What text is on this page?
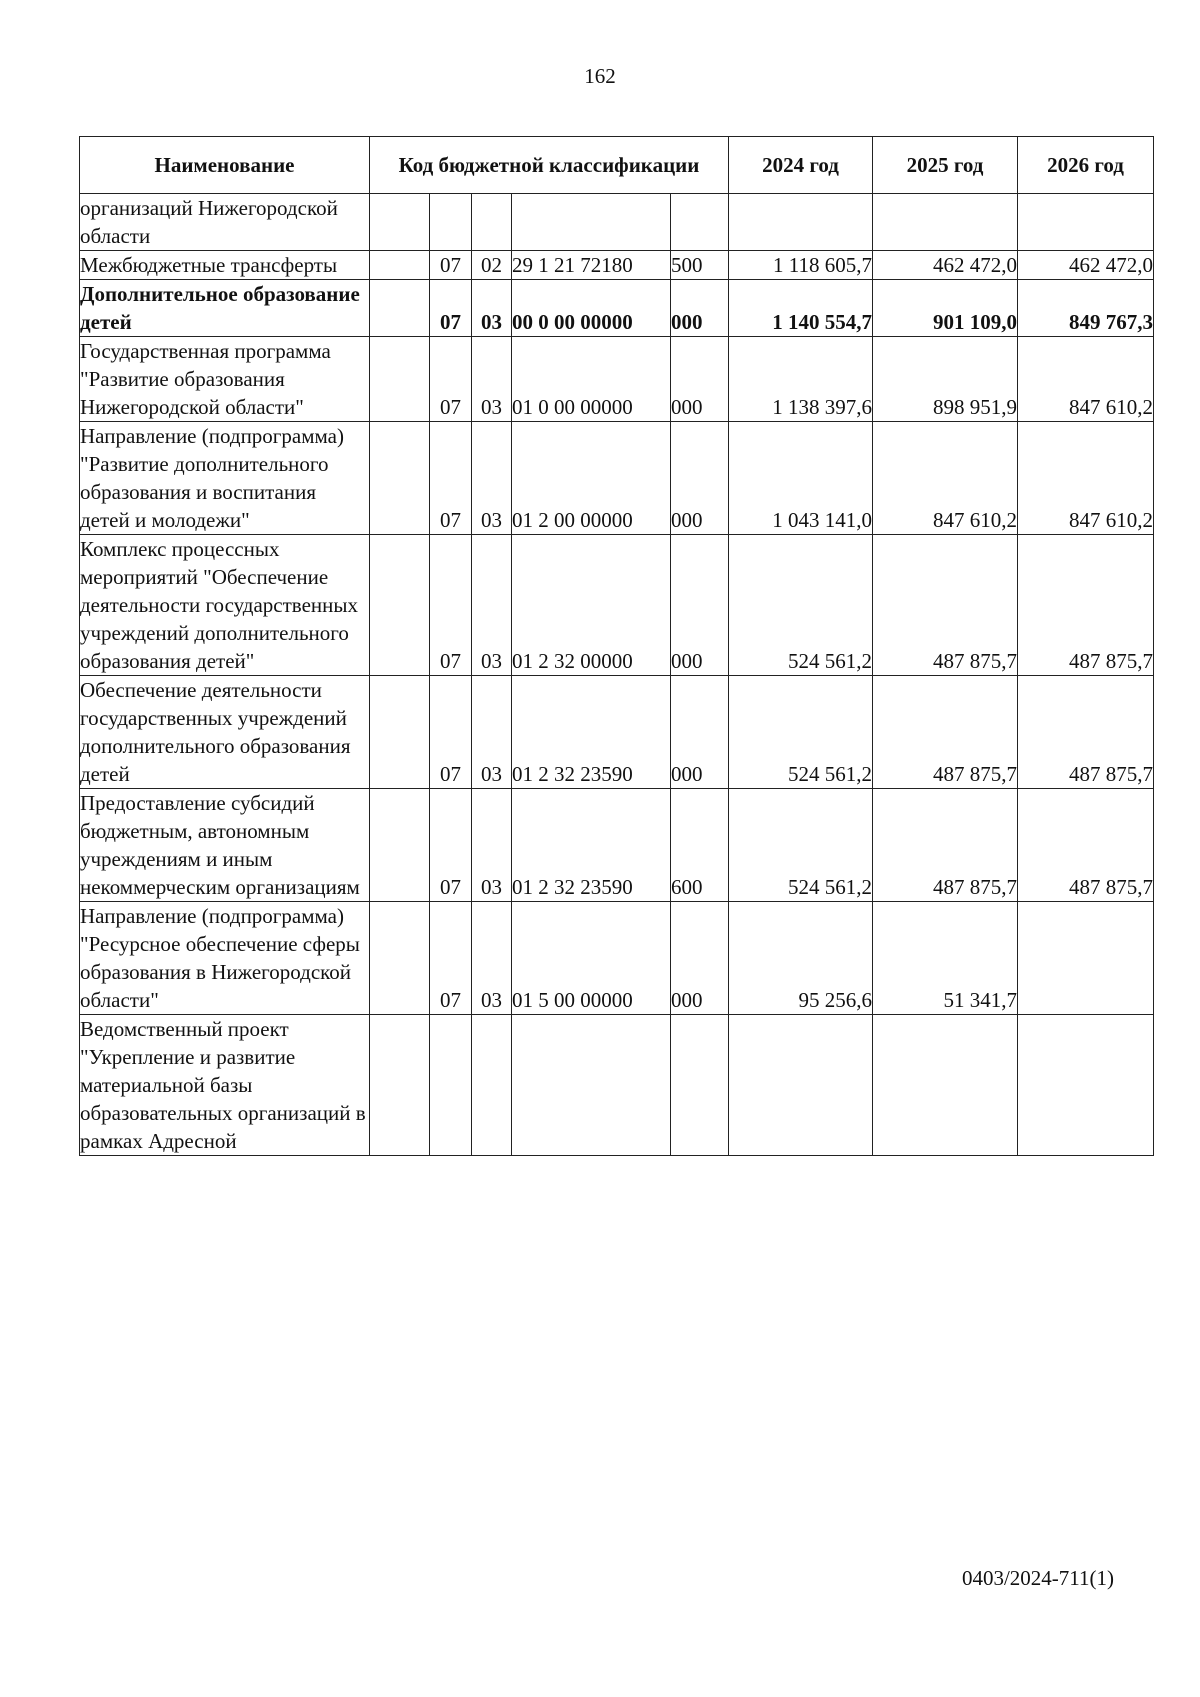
162
Наименование	Код бюджетной классификации					2024 год	2025 год	2026 год
организаций Нижегородской области								
Межбюджетные трансферты		07	02	29 1 21 72180	500	1 118 605,7	462 472,0	462 472,0
Дополнительное образование детей		07	03	00 0 00 00000	000	1 140 554,7	901 109,0	849 767,3
Государственная программа "Развитие образования Нижегородской области"		07	03	01 0 00 00000	000	1 138 397,6	898 951,9	847 610,2
Направление (подпрограмма) "Развитие дополнительного образования и воспитания детей и молодежи"		07	03	01 2 00 00000	000	1 043 141,0	847 610,2	847 610,2
Комплекс процессных мероприятий "Обеспечение деятельности государственных учреждений дополнительного образования детей"		07	03	01 2 32 00000	000	524 561,2	487 875,7	487 875,7
Обеспечение деятельности государственных учреждений дополнительного образования детей		07	03	01 2 32 23590	000	524 561,2	487 875,7	487 875,7
Предоставление субсидий бюджетным, автономным учреждениям и иным некоммерческим организациям		07	03	01 2 32 23590	600	524 561,2	487 875,7	487 875,7
Направление (подпрограмма) "Ресурсное обеспечение сферы образования в Нижегородской области"		07	03	01 5 00 00000	000	95 256,6	51 341,7	
Ведомственный проект "Укрепление и развитие материальной базы образовательных организаций в рамках Адресной								
0403/2024-711(1)
